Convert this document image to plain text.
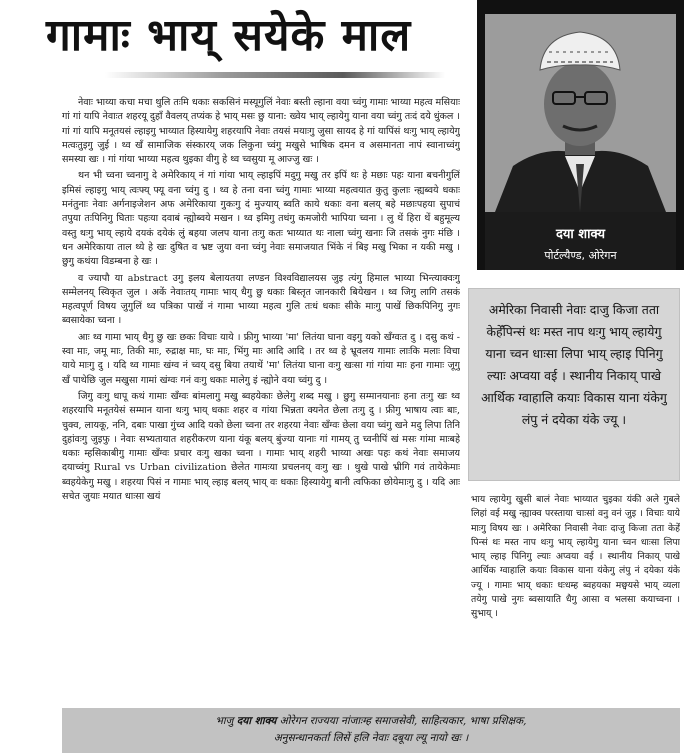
गामाः भाय् सयेके माल
दया शाक्य
पोर्टल्यैण्ड, ओरेगन
अमेरिका निवासी नेवाः दाजु किजा तता केहेँपिन्सं थः मस्त नाप थःगु भाय् ल्हायेगु याना च्वन धाःसा लिपा भाय् ल्हाइ पिनिगु ल्याः अप्वया वई । स्थानीय निकाय् पाखे आर्थिक ग्वाहालि कयाः विकास याना यंकेगु लंपु नं दयेका यंके ज्यू ।

नेवाः भाय्या कचा मचा थुलि तःमि धकाः सकसिनं मस्यूगुलिं नेवाः बस्ती ल्हाना वया च्वंगु गामाः भाय्या महत्व मसियाः गां गां यापि नेवाःत शहरयू दुहाँ वैवलय् तप्यंक हे भाय् मसः छु याना: ख्वेय भाय् ल्हायेगु याना वया च्वंगु तःदं दये धुंकल । गां गां यापि मनूतयसं ल्हाइगु भाय्यात हिस्यायेगु शहरयापि नेवाः तयसं मयाःगु जुसा सायद हे गां यापिंसं थःगु भाय् ल्हायेगु मत्वःतुइगु जुई । थ्व खँ सामाजिक संस्कारय् जक लिकुना च्वंगु मखुसे भाषिक दमन व असमानता नापं स्वानाच्वंगु समस्या खः । गां गांया भाय्या महत्व थुइका वीगु हे थ्व च्वसुया मू आज्जु खः ।

थन भी च्वना च्वनागु दे अमेरिकाय् नं गां गांया भाय् ल्हाइपिं मदुगु मखु तर इपिं थः हे मछाः पहः याना बचनीगुलिं इमिसं ल्हाइगु भाय् त्वःफ्य् फ्यू वना च्वंगु दु । थ्व हे तना वना च्वंगु गामाः भाय्या महत्वयात कुतु कुलाः न्ह्यब्वये धकाः मनंतुनाः नेवाः अर्गनाइजेशन अफ अमेरिकाया गुकःगु दं मुज्याय् ब्वति काये धकाः वना बलय् बहे मछाःपहया सुपाचं तपुया तःपिनिगु घिताः पहःया दवाबं न्ह्योब्वये मखन । थ्व इमिगु तधंगु कमजोरी भापिया च्वना । लु थें हिरा थें बहुमूल्य वस्तु थःगु भाय् ल्हाये दयकं दयेकं लुं बहया जलप याना तःगु कतः भाय्यात थः नाला च्वंगु खनाः जि तसकं नुगः मंछि । धन अमेरिकाया ताल थ्ये हे खः दुषित व भ्रष्ट जुया वना च्वंगु नेवाः समाजयात भिंके नं बिइ मखु भिका न यकी मखु । छुगु कथंया विडम्बना हे खः ।

व ज्यापौ या abstract उगु इलय बेलायतया लण्डन विश्वविद्यालयस जुइ त्यंगु हिमाल भाय्या भिन्त्याक्वःगु सम्मेलनय् स्विकृत जुल । अकें नेवाःतय् गामाः भाय् धैगु छु धकाः बिस्तृत जानकारी बियेखन । थ्व जिगु लागि तसकं महत्वपूर्ण विषय जुगुलिं थ्व पत्रिका पाखें नं गामा भाय्या महत्व गुलि तःधं धकाः सीके माःगु पाखें छिकपिनिगु नुगः ब्वसायेका च्वना ।

आः थ्व गामा भाय् धैगु छु खः छकः विचाः याये । फ्रीगु भाय्या 'मा' लितंया घाना वइगु यको खँग्वःत दु । दसु कथं - स्वा माः, जमू माः, तिकी माः, रुद्राक्ष माः, घः माः, भिंगु माः आदि आदि । तर थ्व हे भ्रूवलय गामाः लाःकि मलाः विचा याये माःगु दु । यदि थ्व गामाः खंग्व नं च्वय् दसु बिया तयाथें 'मा' लितंया घाना वःगु खःसा गां गांया माः हना गामाः जूगु खँ पाथेछि जुल मखुसा गामां खंग्वः गनं वःगु धकाः मालेगु इं न्ह्योने वया च्वंगु दु ।

जिगु वःगु धापू कथं गामाः खँग्वः बांमलागु मखु ब्वहयेकाः छेलेगु शब्द मखु । छुगु सम्मानयानाः हना तःगु खः थ्व शहरयापि मनूतयेसं सम्मान याना थःगु भाय् धकाः शहर व गांया भिन्नता क्यनेत छेला तःगु दु । फ्रीगु भाषाय त्वाः बाः, चुक्व, लायकू, ननि, दबाः पाखा गुंच्व आदि यको छेला च्वना तर शहरया नेवाः खँग्वः छेला वया च्वंगु खने मदु लिपा तिनि दुहांवःगु जुइफु । नेवाः सभ्यतायात शहरीकरण याना यंकू बलय् बुंज्या यानाः गां गामय् तु च्वनीपिं खं मसः गांमा माःबहे धकाः म्हसिकाबीगु गामाः खँग्वः प्रचार वःगु खका च्वना । गामाः भाय् शहरी भाय्या अखः पहः कथं नेवाः समाजय दयाच्वंगु Rural vs Urban civilization छेलेत गामःया प्रचलनय् वःगु खः । थुखे पाखे भ्रीगि गवं तायेकेमाः ब्वहयेकेगु मखु । शहरया पिसं न गामाः भाय् ल्हाइ बलय् भाय् वः धकाः हिस्यायेगु बानी त्वफिका छोयेमाःगु दु । यदि आः सचेत जुयाः मयात धाःसा खयं	भाय ल्हायेगु खुसी बालं नेवाः भाय्यात चुइका यंकी अले गुबले लिहां वई मखु न्ह्याक्व परस्ताया चाःसां वनु वनं जुइ । विचाः याये माःगु विषय खः । अमेरिका निवासी नेवाः दाजु किजा तता केहेँ पिन्सं थः मस्त नाप थःगु भाय् ल्हायेगु याना च्वन धाःसा लिपा भाय् ल्हाइ पिनिगु ल्याः अप्वया वई । स्थानीय निकाय् पाखे आर्थिक ग्वाहालि कयाः विकास याना यंकेगु लंपु नं दयेका यंके ज्यू । गामाः भाय् धकाः धःधम्ह ब्वहयका मछ्वयसे भाय् व्यला तयेगु पाखे नुगः ब्वसायाति धैगु आसा व भलसा कयाच्वना । सुभाय् ।

भाजु दया शाक्य ओरेगन राज्यया नांजाःम्ह समाजसेवी, साहित्यकार, भाषा प्रशिक्षक,
अनुसन्धानकर्ता लिसें हलि नेवाः दबूया ल्यू नायो खः ।
